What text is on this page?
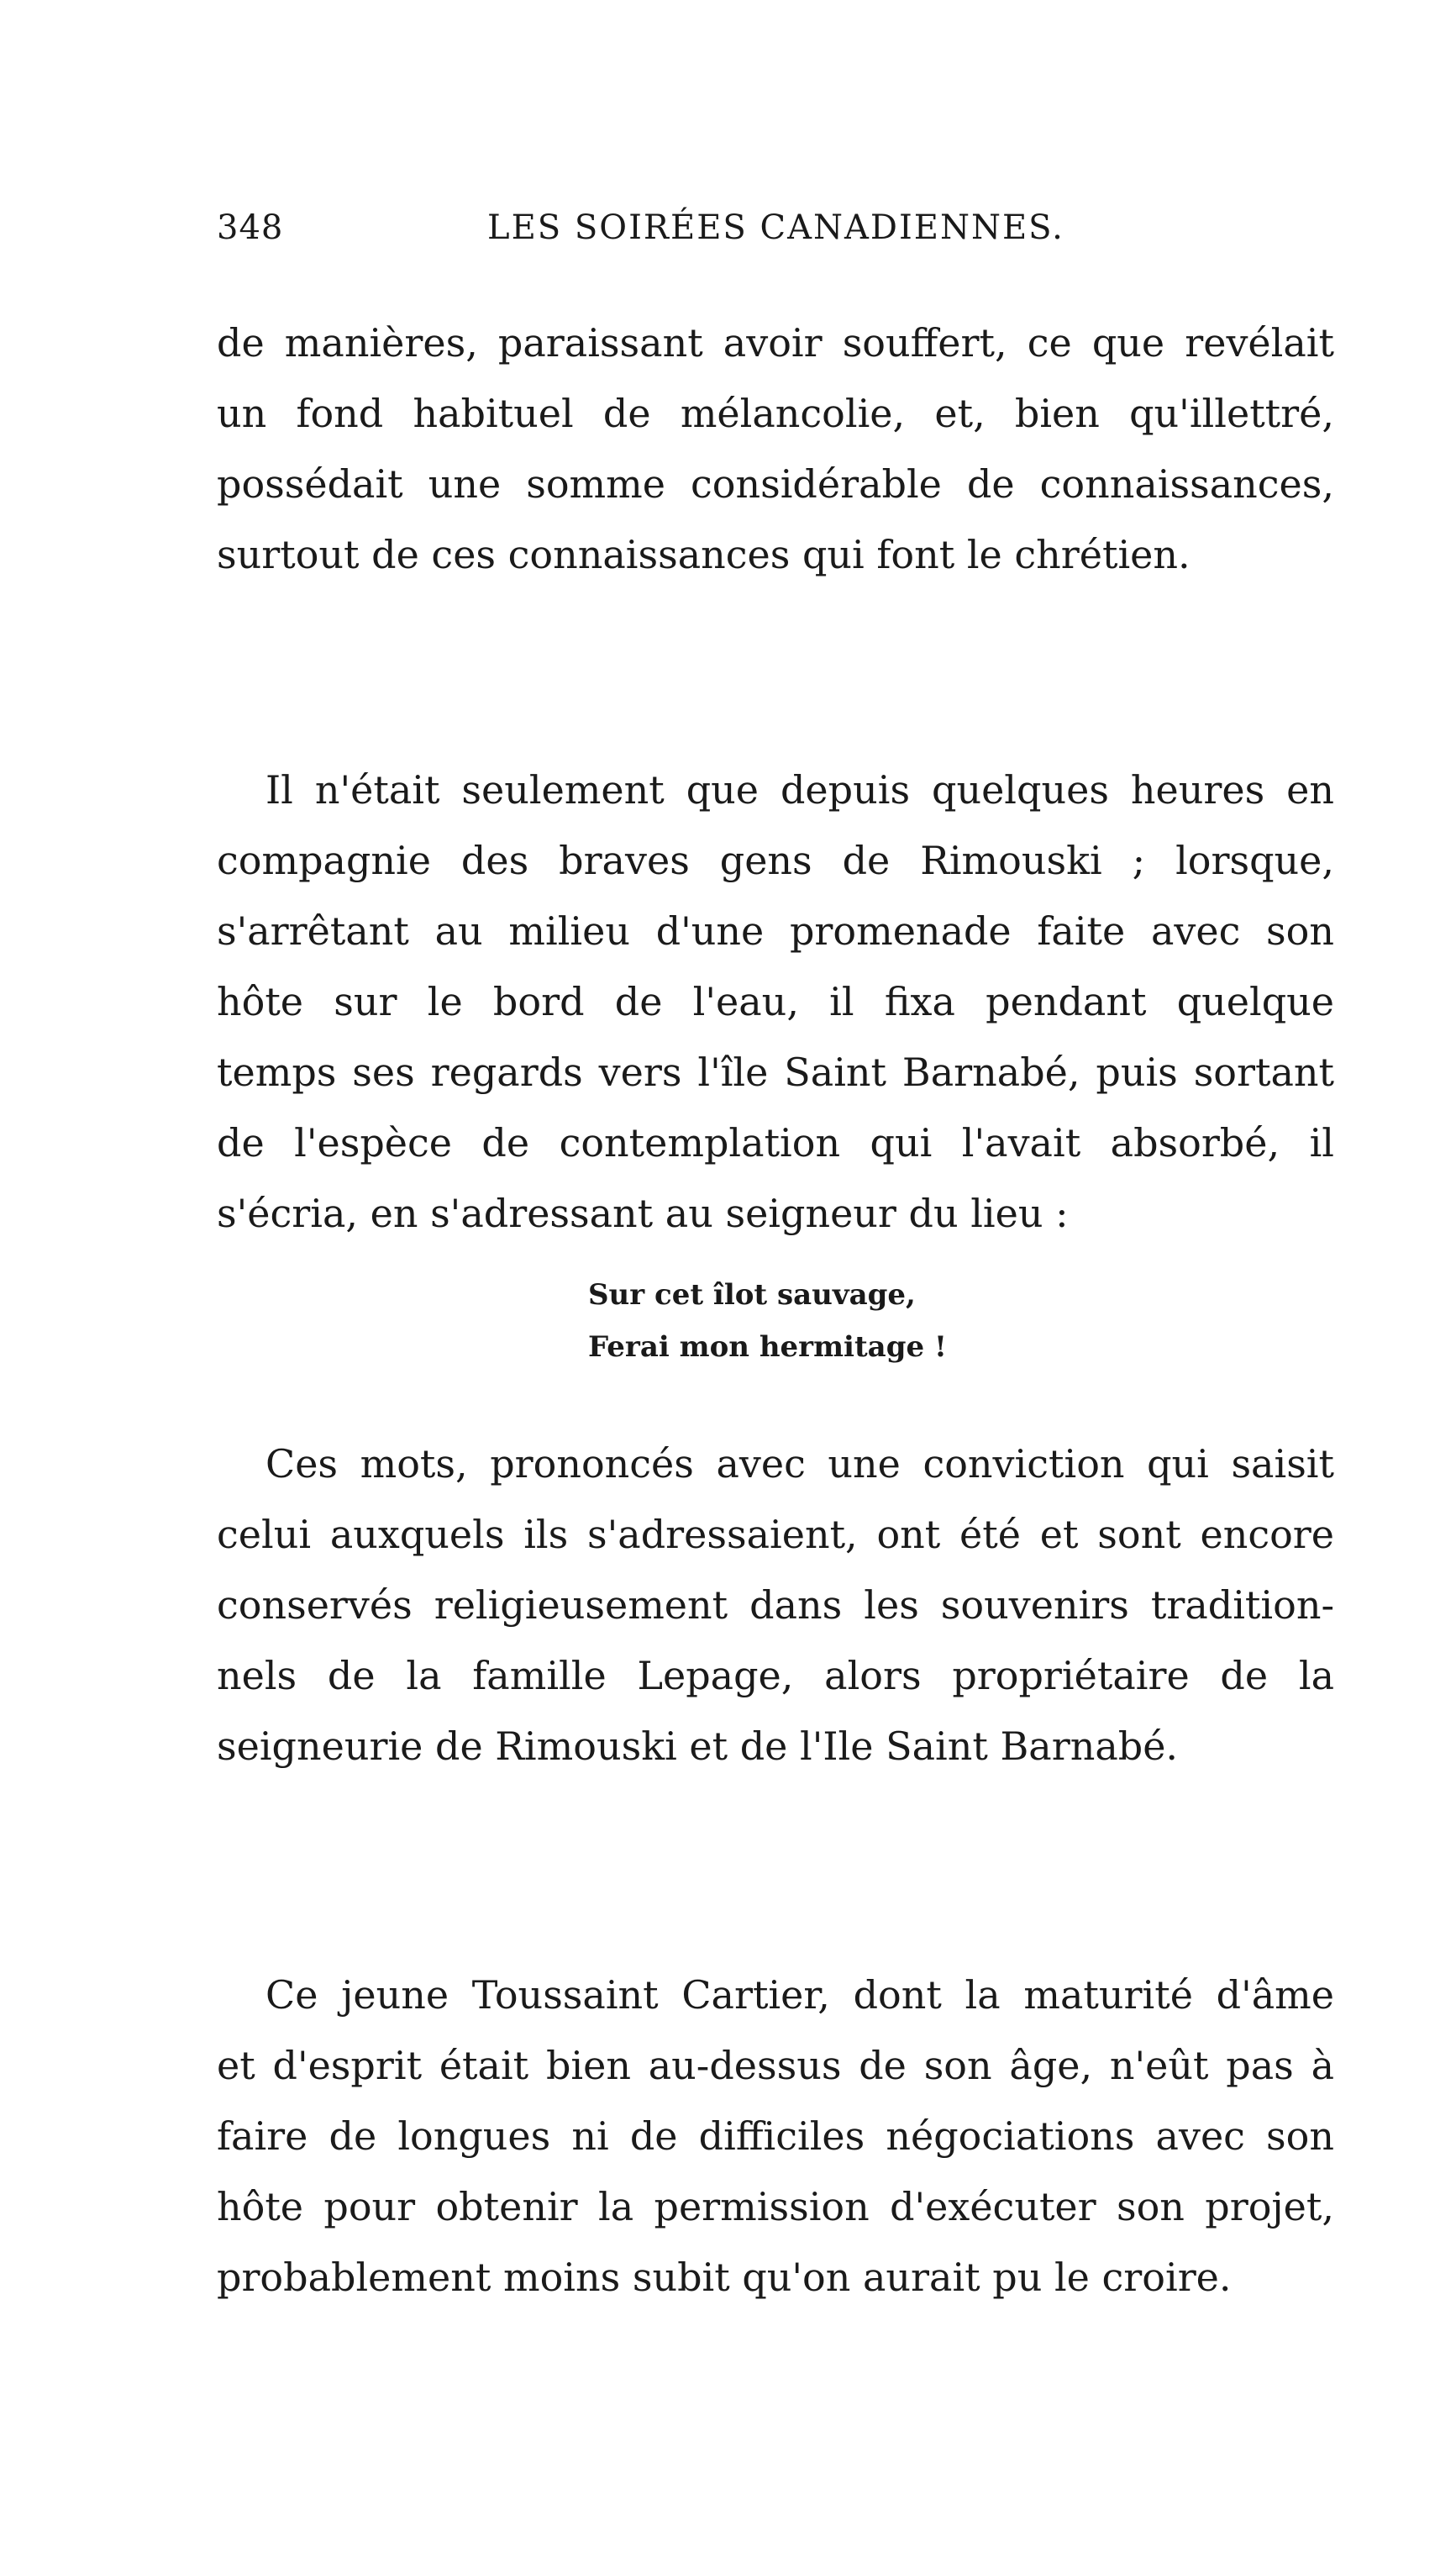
348	LES SOIRÉES CANADIENNES.
de manières, paraissant avoir souffert, ce que revélait
un fond habituel de mélancolie, et, bien qu'illettré,
possédait une somme considérable de connaissances,
surtout de ces connaissances qui font le chrétien.
Il n'était seulement que depuis quelques heures en
compagnie des braves gens de Rimouski ; lorsque,
s'arrêtant au milieu d'une promenade faite avec son
hôte sur le bord de l'eau, il fixa pendant quelque
temps ses regards vers l'île Saint Barnabé, puis sortant
de l'espèce de contemplation qui l'avait absorbé, il
s'écria, en s'adressant au seigneur du lieu :
Sur cet îlot sauvage,
Ferai mon hermitage !
Ces mots, prononcés avec une conviction qui saisit
celui auxquels ils s'adressaient, ont été et sont encore
conservés religieusement dans les souvenirs tradition-
nels de la famille Lepage, alors propriétaire de la
seigneurie de Rimouski et de l'Ile Saint Barnabé.
Ce jeune Toussaint Cartier, dont la maturité d'âme
et d'esprit était bien au-dessus de son âge, n'eût pas à
faire de longues ni de difficiles négociations avec son
hôte pour obtenir la permission d'exécuter son projet,
probablement moins subit qu'on aurait pu le croire.
